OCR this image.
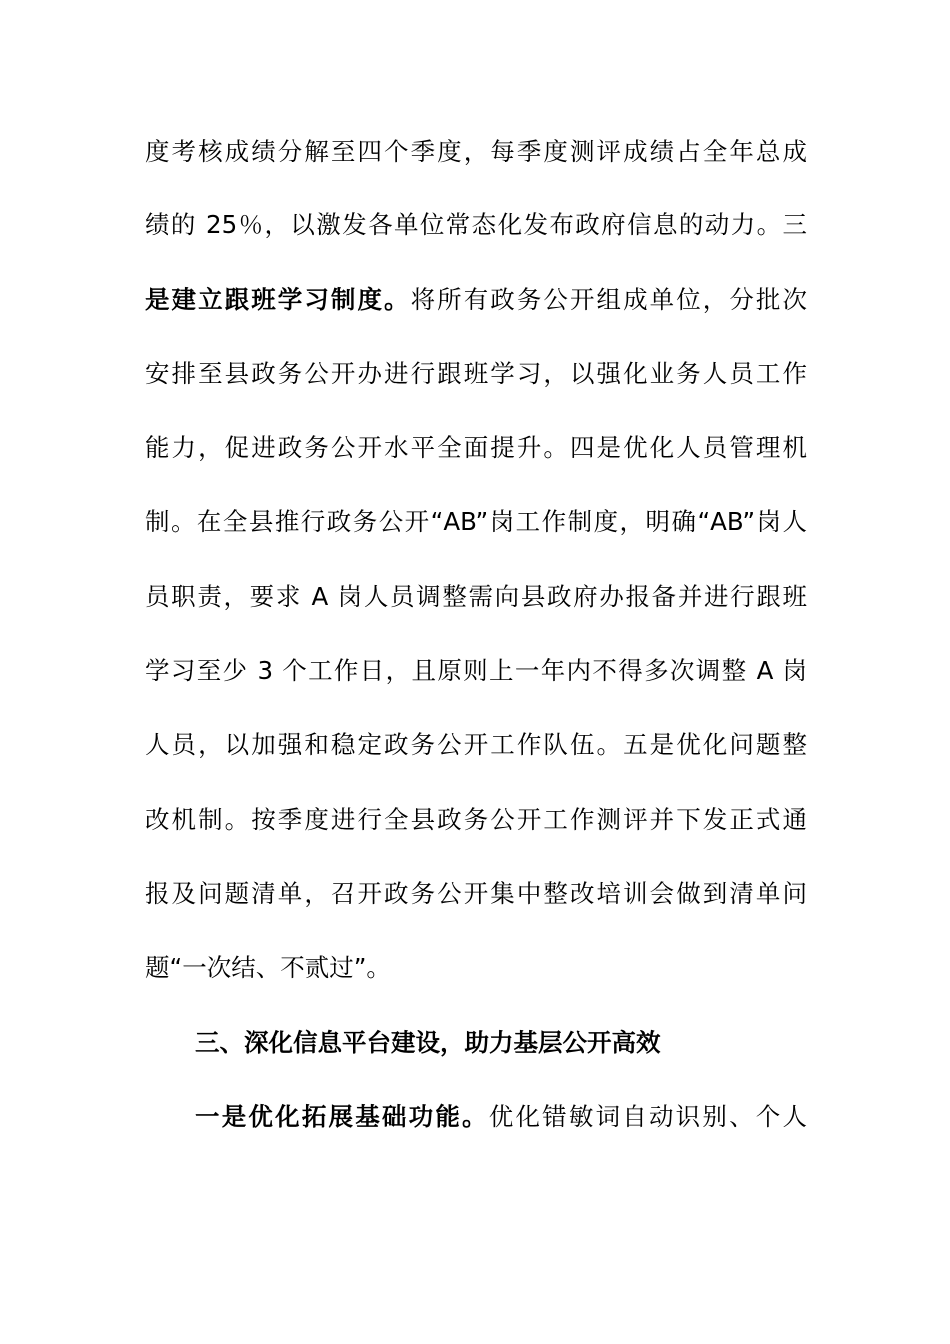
度考核成绩分解至四个季度，每季度测评成绩占全年总成
绩的 25％，以激发各单位常态化发布政府信息的动力。三
是建立跟班学习制度。将所有政务公开组成单位，分批次
安排至县政务公开办进行跟班学习，以强化业务人员工作
能力，促进政务公开水平全面提升。四是优化人员管理机
制。在全县推行政务公开“AB”岗工作制度，明确“AB”岗人
员职责，要求 A 岗人员调整需向县政府办报备并进行跟班
学习至少 3 个工作日，且原则上一年内不得多次调整 A 岗
人员，以加强和稳定政务公开工作队伍。五是优化问题整
改机制。按季度进行全县政务公开工作测评并下发正式通
报及问题清单，召开政务公开集中整改培训会做到清单问
题“一次结、不贰过”。
三、深化信息平台建设，助力基层公开高效
一是优化拓展基础功能。优化错敏词自动识别、个人
